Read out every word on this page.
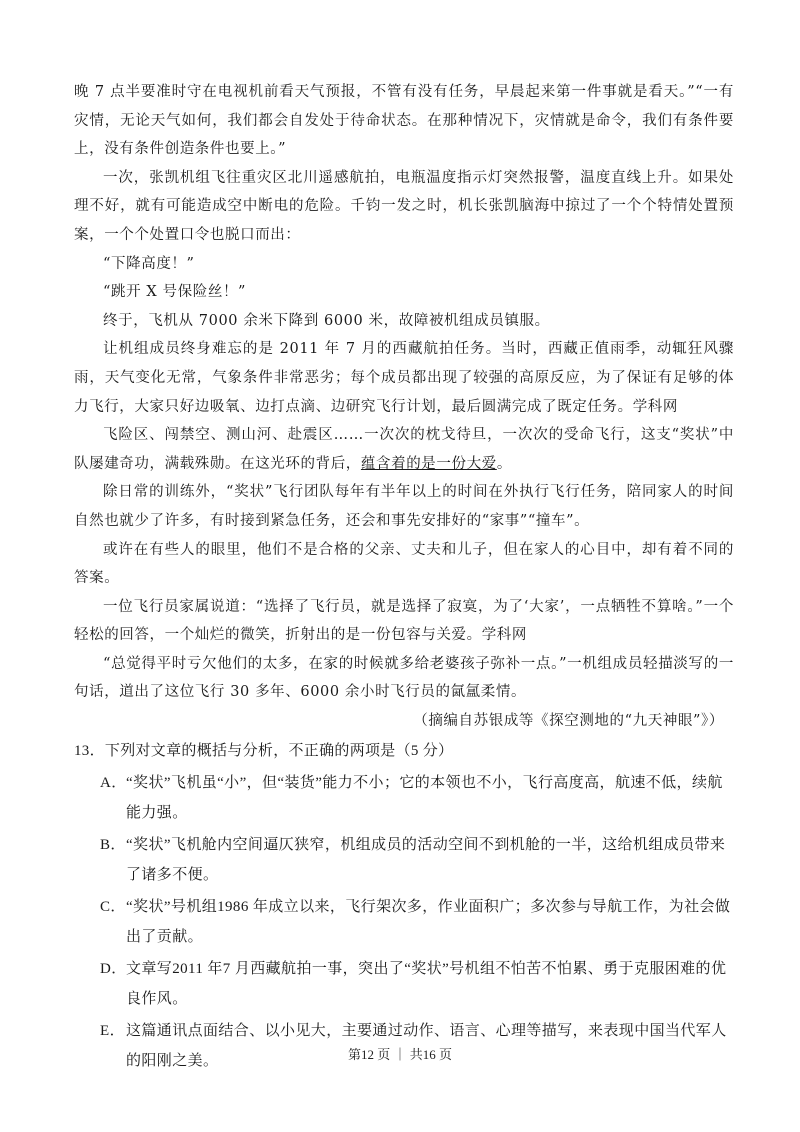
晚 7 点半要准时守在电视机前看天气预报，不管有没有任务，早晨起来第一件事就是看天。”“一有灾情，无论天气如何，我们都会自发处于待命状态。在那种情况下，灾情就是命令，我们有条件要上，没有条件创造条件也要上。”

一次，张凯机组飞往重灾区北川遥感航拍，电瓶温度指示灯突然报警，温度直线上升。如果处理不好，就有可能造成空中断电的危险。千钧一发之时，机长张凯脑海中掠过了一个个特情处置预案，一个个处置口令也脱口而出：

“下降高度！”

“跳开 X 号保险丝！”

终于，飞机从 7000 余米下降到 6000 米，故障被机组成员镇服。

让机组成员终身难忘的是 2011 年 7 月的西藏航拍任务。当时，西藏正值雨季，动辄狂风骤雨，天气变化无常，气象条件非常恶劣；每个成员都出现了较强的高原反应，为了保证有足够的体力飞行，大家只好边吸氧、边打点滴、边研究飞行计划，最后圆满完成了既定任务。学科网

飞险区、闯禁空、测山河、赴震区……一次次的枕戈待旦，一次次的受命飞行，这支“奖状”中队屡建奇功，满载殊勋。在这光环的背后，蕴含着的是一份大爱。

除日常的训练外，“奖状”飞行团队每年有半年以上的时间在外执行飞行任务，陪同家人的时间自然也就少了许多，有时接到紧急任务，还会和事先安排好的“家事”“撞车”。

或许在有些人的眼里，他们不是合格的父亲、丈夫和儿子，但在家人的心目中，却有着不同的答案。

一位飞行员家属说道：“选择了飞行员，就是选择了寂寞，为了‘大家’，一点牺牲不算啥。”一个轻松的回答，一个灿烂的微笑，折射出的是一份包容与关爱。学科网

“总觉得平时亏欠他们的太多，在家的时候就多给老婆孩子弥补一点。”一机组成员轻描淡写的一句话，道出了这位飞行 30 多年、6000 余小时飞行员的氤氲柔情。

（摘编自苏银成等《探空测地的“九天神眼”》）

13．下列对文章的概括与分析，不正确的两项是（5 分）

A．“奖状”飞机虽“小”，但“装货”能力不小；它的本领也不小，飞行高度高，航速不低，续航能力强。

B．“奖状”飞机舱内空间逼仄狭窄，机组成员的活动空间不到机舱的一半，这给机组成员带来了诸多不便。

C．“奖状”号机组1986 年成立以来，飞行架次多，作业面积广；多次参与导航工作，为社会做出了贡献。

D．文章写2011 年7 月西藏航拍一事，突出了“奖状”号机组不怕苦不怕累、勇于克服困难的优良作风。

E．这篇通讯点面结合、以小见大，主要通过动作、语言、心理等描写，来表现中国当代军人的阳刚之美。	第12 页 ｜ 共16 页
